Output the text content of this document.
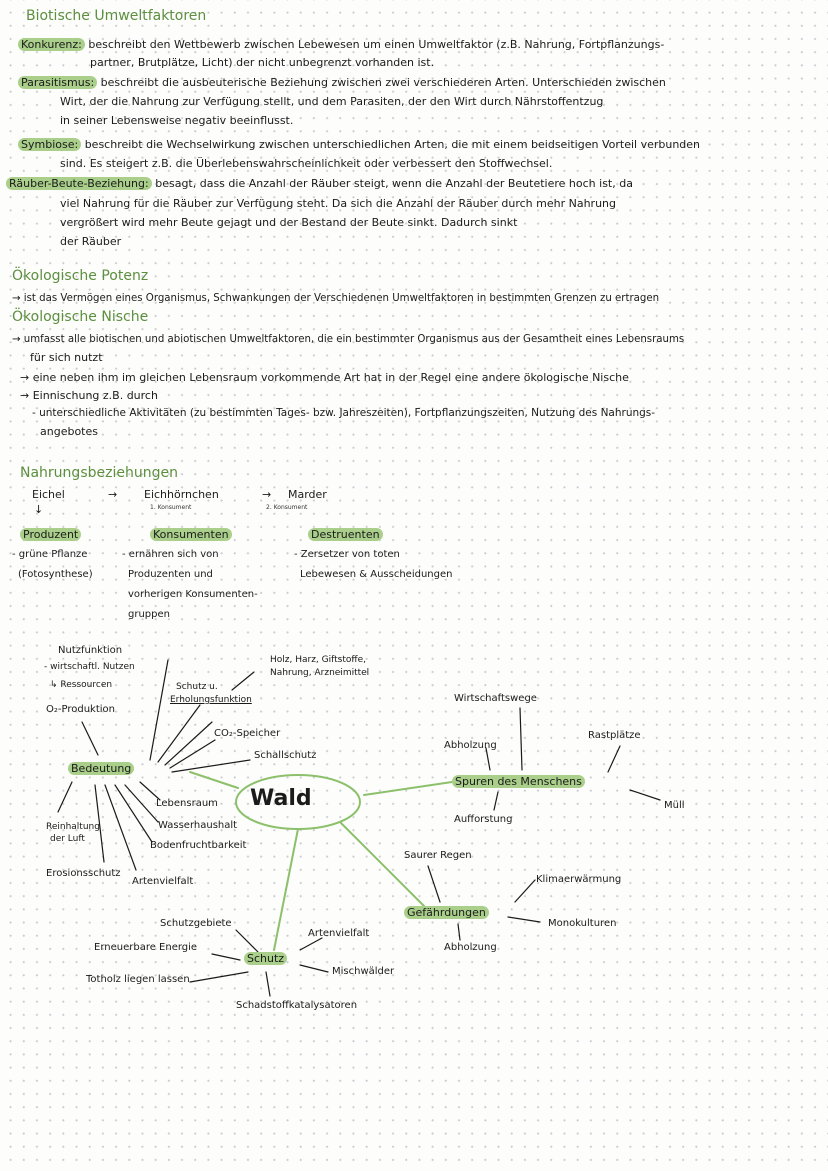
Biotische Umweltfaktoren
Konkurenz: beschreibt den Wettbewerb zwischen Lebewesen um einen Umweltfaktor (z.B. Nahrung, Fortpflanzungs-
partner, Brutplätze, Licht) der nicht unbegrenzt vorhanden ist.
Parasitismus: beschreibt die ausbeuterische Beziehung zwischen zwei verschiederen Arten. Unterschieden zwischen
Wirt, der die Nahrung zur Verfügung stellt, und dem Parasiten, der den Wirt durch Nährstoffentzug
in seiner Lebensweise negativ beeinflusst.
Symbiose: beschreibt die Wechselwirkung zwischen unterschiedlichen Arten, die mit einem beidseitigen Vorteil verbunden
sind. Es steigert z.B. die Überlebenswahrscheinlichkeit oder verbessert den Stoffwechsel.
Räuber-Beute-Beziehung: besagt, dass die Anzahl der Räuber steigt, wenn die Anzahl der Beutetiere hoch ist, da
viel Nahrung für die Räuber zur Verfügung steht. Da sich die Anzahl der Räuber durch mehr Nahrung
vergrößert wird mehr Beute gejagt und der Bestand der Beute sinkt. Dadurch sinkt
der Räuber
Ökologische Potenz
→ ist das Vermögen eines Organismus, Schwankungen der Verschiedenen Umweltfaktoren in bestimmten Grenzen zu ertragen
Ökologische Nische
→ umfasst alle biotischen und abiotischen Umweltfaktoren, die ein bestimmter Organismus aus der Gesamtheit eines Lebensraums
für sich nutzt
→ eine neben ihm im gleichen Lebensraum vorkommende Art hat in der Regel eine andere ökologische Nische
→ Einnischung z.B. durch
- unterschiedliche Aktivitäten (zu bestimmten Tages- bzw. Jahreszeiten), Fortpflanzungszeiten, Nutzung des Nahrungs-
angebotes
Nahrungsbeziehungen
Eichel	→ Eichhörnchen	→ Marder
1. Konsument	2. Konsument
↓
Produzent
- grüne Pflanze
(Fotosynthese)
Konsumenten
- ernähren sich von
Produzenten und
vorherigen Konsumenten-
gruppen
Destruenten
- Zersetzer von toten
Lebewesen & Ausscheidungen
Wald
Bedeutung
Nutzfunktion
- wirtschaftl. Nutzen
↳ Ressourcen
O₂-Produktion
Holz, Harz, Giftstoffe,
Nahrung, Arzneimittel
Schutz u.
Erholungsfunktion
CO₂-Speicher
Schallschutz
Lebensraum
Wasserhaushalt
Bodenfruchtbarkeit
Reinhaltung
der Luft
Erosionsschutz
Artenvielfalt
Spuren des Menschens
Wirtschaftswege
Rastplätze
Abholzung
Aufforstung
Müll
Gefährdungen
Saurer Regen
Klimaerwärmung
Monokulturen
Abholzung
Schutz
Schutzgebiete
Erneuerbare Energie
Artenvielfalt
Mischwälder
Totholz liegen lassen
Schadstoffkatalysatoren
